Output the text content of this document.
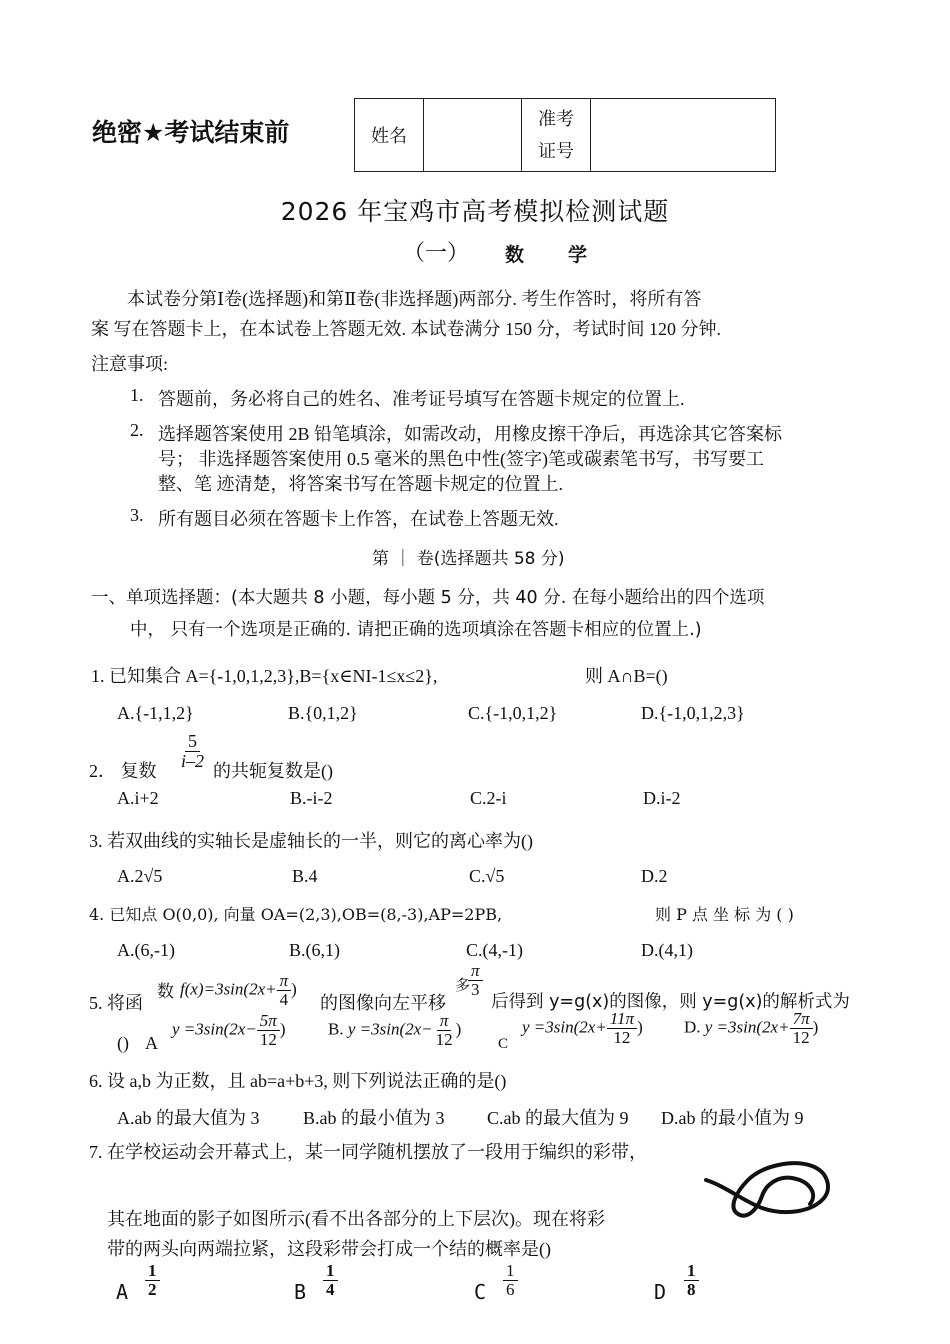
绝密★考试结束前	姓名		
准考
证号

2026 年宝鸡市高考模拟检测试题
（一） 数 学
本试卷分第Ⅰ卷(选择题)和第Ⅱ卷(非选择题)两部分. 考生作答时，将所有答
案 写在答题卡上，在本试卷上答题无效. 本试卷满分 150 分，考试时间 120 分钟.
注意事项:
1. 答题前，务必将自己的姓名、准考证号填写在答题卡规定的位置上.
2. 选择题答案使用 2B 铅笔填涂，如需改动，用橡皮擦干净后，再选涂其它答案标
号； 非选择题答案使用 0.5 毫米的黑色中性(签字)笔或碳素笔书写，书写要工
整、笔 迹清楚，将答案书写在答题卡规定的位置上.
3. 所有题目必须在答题卡上作答，在试卷上答题无效.
第 ｜ 卷(选择题共 58 分)
一、单项选择题：(本大题共 8 小题，每小题 5 分，共 40 分. 在每小题给出的四个选项
中， 只有一个选项是正确的. 请把正确的选项填涂在答题卡相应的位置上.)
1. 已知集合 A={-1,0,1,2,3},B={x∈NI-1≤x≤2},	则 A∩B=()
A.{-1,1,2}	B.{0,1,2}	C.{-1,0,1,2}	D.{-1,0,1,2,3}
2． 复数
$\frac{5}{i-2}$
的共轭复数是()
A.i+2	B.-i-2	C.2-i	D.i-2
3. 若双曲线的实轴长是虚轴长的一半，则它的离心率为()
A.2√5	B.4	C.√5	D.2
4. 已知点 O(0,0), 向量 OA=(2,3),OB=(8,-3),AP=2PB,	则 P 点 坐 标 为 ( )
A.(6,-1)	B.(6,1)	C.(4,-1)	D.(4,1)
5. 将函
数 $f(x)=3\sin(2x+ \frac{\pi}{4}$ )
的图像向左平移
多
$\frac{\pi}{3}$
后得到 y=g(x)的图像，则 y=g(x)的解析式为
() A
$y =3\sin(2x- \frac{5\pi}{12}$ )	B. $y =3\sin(2x- \frac{\pi}{12}$ )
C
$y =3\sin(2x+ \frac{11\pi}{12}$ ) D. $y =3\sin(2x+ \frac{7\pi}{12}$ )
6. 设 a,b 为正数，且 ab=a+b+3, 则下列说法正确的是()
A.ab 的最大值为 3 B.ab 的最小值为 3 C.ab 的最大值为 9 D.ab 的最小值为 9
7. 在学校运动会开幕式上，某一同学随机摆放了一段用于编织的彩带，
其在地面的影子如图所示(看不出各部分的上下层次)。现在将彩
带的两头向两端拉紧，这段彩带会打成一个结的概率是()
A $\frac{1}{2}$	B $\frac{1}{4}$	C $\frac{1}{6}$	D $\frac{1}{8}$
